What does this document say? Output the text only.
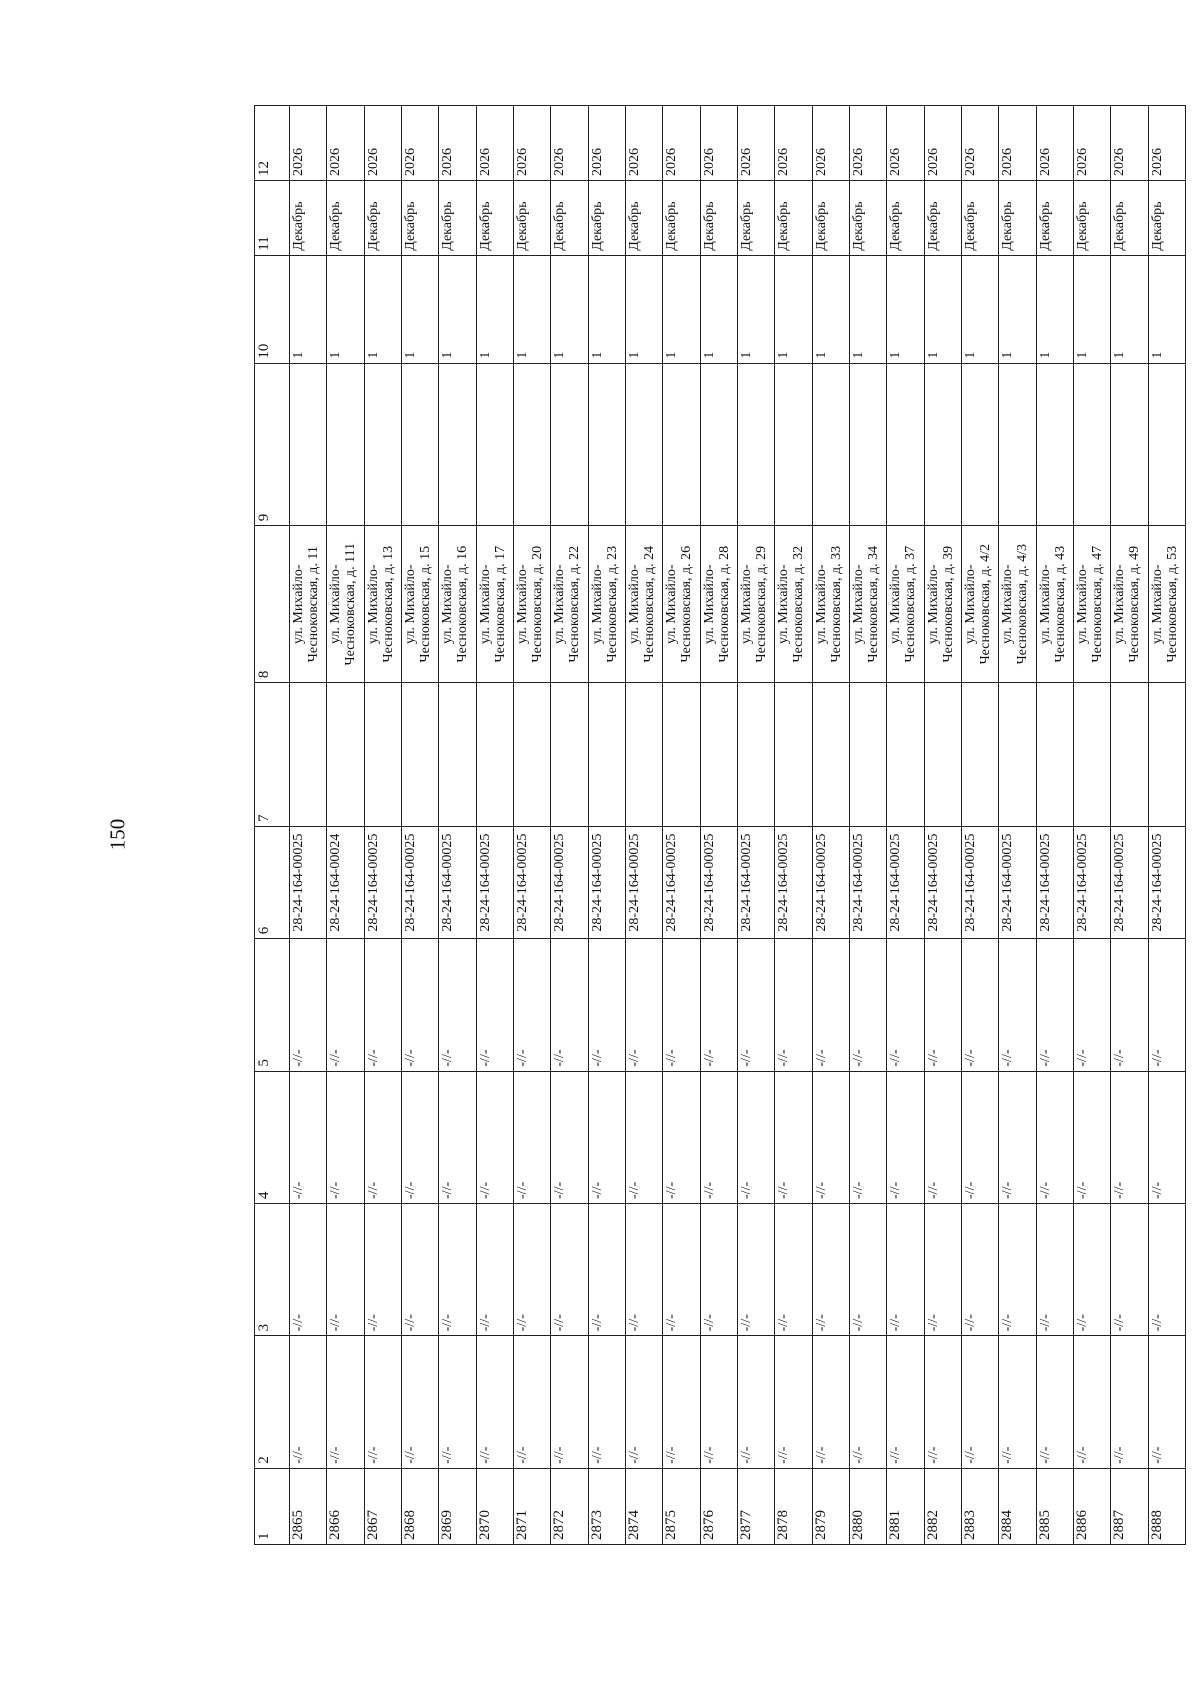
150
1	2	3	4	5	6	7	8	9	10	11	12
2865	-//-	-//-	-//-	-//-	28-24-164-00025		ул. Михайло-Чесноковская, д. 11		1	Декабрь	2026
2866	-//-	-//-	-//-	-//-	28-24-164-00024		ул. Михайло-Чесноковская, д. 111		1	Декабрь	2026
2867	-//-	-//-	-//-	-//-	28-24-164-00025		ул. Михайло-Чесноковская, д. 13		1	Декабрь	2026
2868	-//-	-//-	-//-	-//-	28-24-164-00025		ул. Михайло-Чесноковская, д. 15		1	Декабрь	2026
2869	-//-	-//-	-//-	-//-	28-24-164-00025		ул. Михайло-Чесноковская, д. 16		1	Декабрь	2026
2870	-//-	-//-	-//-	-//-	28-24-164-00025		ул. Михайло-Чесноковская, д. 17		1	Декабрь	2026
2871	-//-	-//-	-//-	-//-	28-24-164-00025		ул. Михайло-Чесноковская, д. 20		1	Декабрь	2026
2872	-//-	-//-	-//-	-//-	28-24-164-00025		ул. Михайло-Чесноковская, д. 22		1	Декабрь	2026
2873	-//-	-//-	-//-	-//-	28-24-164-00025		ул. Михайло-Чесноковская, д. 23		1	Декабрь	2026
2874	-//-	-//-	-//-	-//-	28-24-164-00025		ул. Михайло-Чесноковская, д. 24		1	Декабрь	2026
2875	-//-	-//-	-//-	-//-	28-24-164-00025		ул. Михайло-Чесноковская, д. 26		1	Декабрь	2026
2876	-//-	-//-	-//-	-//-	28-24-164-00025		ул. Михайло-Чесноковская, д. 28		1	Декабрь	2026
2877	-//-	-//-	-//-	-//-	28-24-164-00025		ул. Михайло-Чесноковская, д. 29		1	Декабрь	2026
2878	-//-	-//-	-//-	-//-	28-24-164-00025		ул. Михайло-Чесноковская, д. 32		1	Декабрь	2026
2879	-//-	-//-	-//-	-//-	28-24-164-00025		ул. Михайло-Чесноковская, д. 33		1	Декабрь	2026
2880	-//-	-//-	-//-	-//-	28-24-164-00025		ул. Михайло-Чесноковская, д. 34		1	Декабрь	2026
2881	-//-	-//-	-//-	-//-	28-24-164-00025		ул. Михайло-Чесноковская, д. 37		1	Декабрь	2026
2882	-//-	-//-	-//-	-//-	28-24-164-00025		ул. Михайло-Чесноковская, д. 39		1	Декабрь	2026
2883	-//-	-//-	-//-	-//-	28-24-164-00025		ул. Михайло-Чесноковская, д. 4/2		1	Декабрь	2026
2884	-//-	-//-	-//-	-//-	28-24-164-00025		ул. Михайло-Чесноковская, д. 4/3		1	Декабрь	2026
2885	-//-	-//-	-//-	-//-	28-24-164-00025		ул. Михайло-Чесноковская, д. 43		1	Декабрь	2026
2886	-//-	-//-	-//-	-//-	28-24-164-00025		ул. Михайло-Чесноковская, д. 47		1	Декабрь	2026
2887	-//-	-//-	-//-	-//-	28-24-164-00025		ул. Михайло-Чесноковская, д. 49		1	Декабрь	2026
2888	-//-	-//-	-//-	-//-	28-24-164-00025		ул. Михайло-Чесноковская, д. 53		1	Декабрь	2026
